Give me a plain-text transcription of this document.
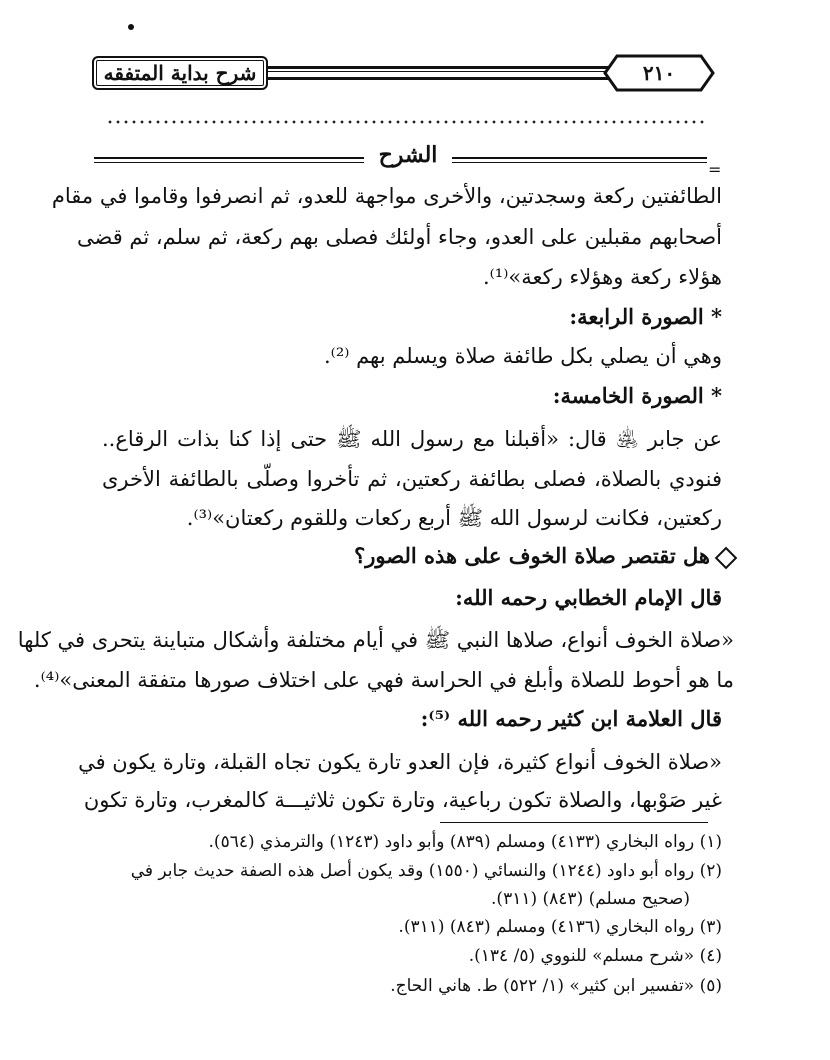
شرح بداية المتفقه	٢١٠
الشرح
=
الطائفتين ركعة وسجدتين، والأخرى مواجهة للعدو، ثم انصرفوا وقاموا في مقام
أصحابهم مقبلين على العدو، وجاء أولئك فصلى بهم ركعة، ثم سلم، ثم قضى
هؤلاء ركعة وهؤلاء ركعة»⁽¹⁾.
* الصورة الرابعة:
وهي أن يصلي بكل طائفة صلاة ويسلم بهم ⁽²⁾.
* الصورة الخامسة:
عن جابر ﵁ قال: «أقبلنا مع رسول الله ﷺ حتى إذا كنا بذات الرقاع..
فنودي بالصلاة، فصلى بطائفة ركعتين، ثم تأخروا وصلّى بالطائفة الأخرى
ركعتين، فكانت لرسول الله ﷺ أربع ركعات وللقوم ركعتان»⁽³⁾.
هل تقتصر صلاة الخوف على هذه الصور؟
قال الإمام الخطابي رحمه الله:
«صلاة الخوف أنواع، صلاها النبي ﷺ في أيام مختلفة وأشكال متباينة يتحرى في كلها
ما هو أحوط للصلاة وأبلغ في الحراسة فهي على اختلاف صورها متفقة المعنى»⁽⁴⁾.
قال العلامة ابن كثير رحمه الله ⁽⁵⁾:
«صلاة الخوف أنواع كثيرة، فإن العدو تارة يكون تجاه القبلة، وتارة يكون في
غير صَوْبها، والصلاة تكون رباعية، وتارة تكون ثلاثيـــة كالمغرب، وتارة تكون
(١) رواه البخاري (٤١٣٣) ومسلم (٨٣٩) وأبو داود (١٢٤٣) والترمذي (٥٦٤).
(٢) رواه أبو داود (١٢٤٤) والنسائي (١٥٥٠) وقد يكون أصل هذه الصفة حديث جابر في
(صحيح مسلم) (٨٤٣) (٣١١).
(٣) رواه البخاري (٤١٣٦) ومسلم (٨٤٣) (٣١١).
(٤) «شرح مسلم» للنووي (٥/ ١٣٤).
(٥) «تفسير ابن كثير» (١/ ٥٢٢) ط. هاني الحاج.
